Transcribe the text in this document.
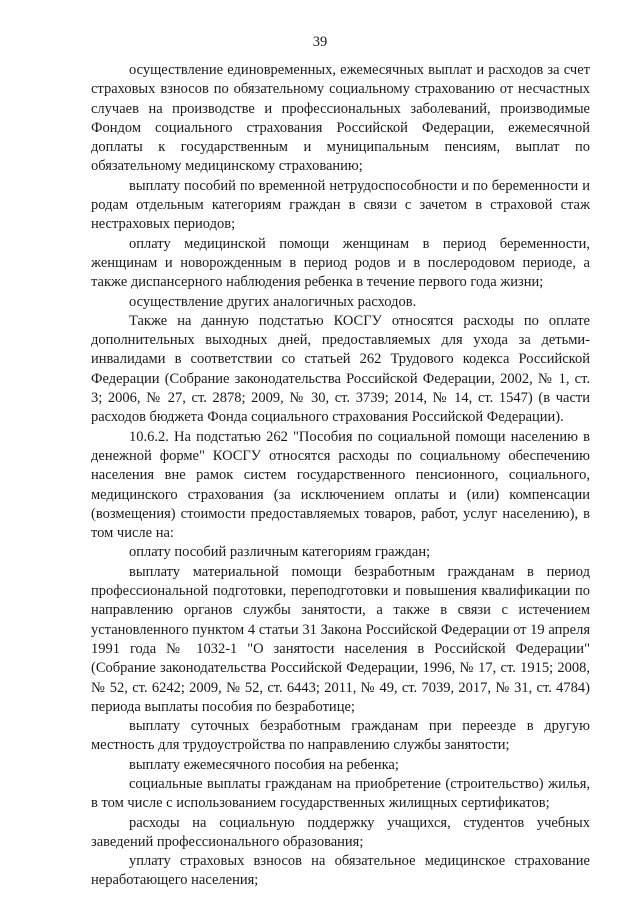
39

осуществление единовременных, ежемесячных выплат и расходов за счет страховых взносов по обязательному социальному страхованию от несчастных случаев на производстве и профессиональных заболеваний, производимые Фондом социального страхования Российской Федерации, ежемесячной доплаты к государственным и муниципальным пенсиям, выплат по обязательному медицинскому страхованию;

выплату пособий по временной нетрудоспособности и по беременности и родам отдельным категориям граждан в связи с зачетом в страховой стаж нестраховых периодов;

оплату медицинской помощи женщинам в период беременности, женщинам и новорожденным в период родов и в послеродовом периоде, а также диспансерного наблюдения ребенка в течение первого года жизни;

осуществление других аналогичных расходов.

Также на данную подстатью КОСГУ относятся расходы по оплате дополнительных выходных дней, предоставляемых для ухода за детьми-инвалидами в соответствии со статьей 262 Трудового кодекса Российской Федерации (Собрание законодательства Российской Федерации, 2002, № 1, ст. 3; 2006, № 27, ст. 2878; 2009, № 30, ст. 3739; 2014, № 14, ст. 1547) (в части расходов бюджета Фонда социального страхования Российской Федерации).

10.6.2. На подстатью 262 "Пособия по социальной помощи населению в денежной форме" КОСГУ относятся расходы по социальному обеспечению населения вне рамок систем государственного пенсионного, социального, медицинского страхования (за исключением оплаты и (или) компенсации (возмещения) стоимости предоставляемых товаров, работ, услуг населению), в том числе на:

оплату пособий различным категориям граждан;

выплату материальной помощи безработным гражданам в период профессиональной подготовки, переподготовки и повышения квалификации по направлению органов службы занятости, а также в связи с истечением установленного пунктом 4 статьи 31 Закона Российской Федерации от 19 апреля 1991 года № 1032-1 "О занятости населения в Российской Федерации" (Собрание законодательства Российской Федерации, 1996, № 17, ст. 1915; 2008, № 52, ст. 6242; 2009, № 52, ст. 6443; 2011, № 49, ст. 7039, 2017, № 31, ст. 4784) периода выплаты пособия по безработице;

выплату суточных безработным гражданам при переезде в другую местность для трудоустройства по направлению службы занятости;

выплату ежемесячного пособия на ребенка;

социальные выплаты гражданам на приобретение (строительство) жилья, в том числе с использованием государственных жилищных сертификатов;

расходы на социальную поддержку учащихся, студентов учебных заведений профессионального образования;

уплату страховых взносов на обязательное медицинское страхование неработающего населения;
